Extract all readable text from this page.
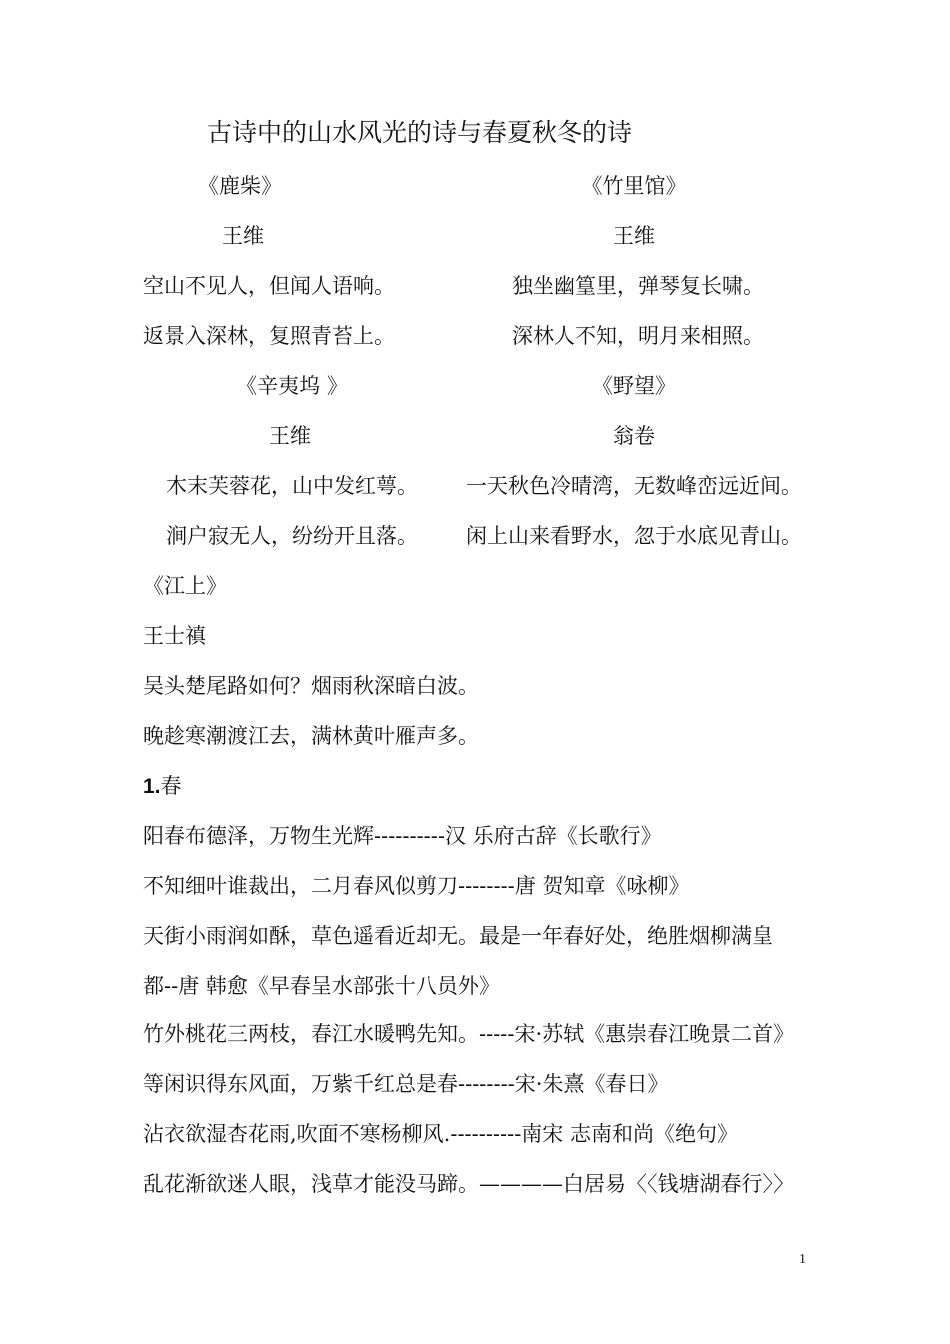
古诗中的山水风光的诗与春夏秋冬的诗
《鹿柴》
王维
空山不见人，但闻人语响。
返景入深林，复照青苔上。
《竹里馆》
王维
独坐幽篁里，弹琴复长啸。
深林人不知，明月来相照。
《辛夷坞 》
王维
木末芙蓉花，山中发红萼。
涧户寂无人，纷纷开且落。
《野望》
翁卷
一天秋色冷晴湾，无数峰峦远近间。
闲上山来看野水，忽于水底见青山。
《江上》
王士禛
吴头楚尾路如何？烟雨秋深暗白波。
晚趁寒潮渡江去，满林黄叶雁声多。
1.春
阳春布德泽，万物生光辉----------汉 乐府古辞《长歌行》
不知细叶谁裁出，二月春风似剪刀--------唐 贺知章《咏柳》
天街小雨润如酥，草色遥看近却无。最是一年春好处，绝胜烟柳满皇
都--唐 韩愈《早春呈水部张十八员外》
竹外桃花三两枝，春江水暖鸭先知。-----宋·苏轼《惠崇春江晚景二首》
等闲识得东风面，万紫千红总是春--------宋·朱熹《春日》
沾衣欲湿杏花雨,吹面不寒杨柳风.----------南宋 志南和尚《绝句》
乱花渐欲迷人眼，浅草才能没马蹄。————白居易〈〈钱塘湖春行〉〉
1
